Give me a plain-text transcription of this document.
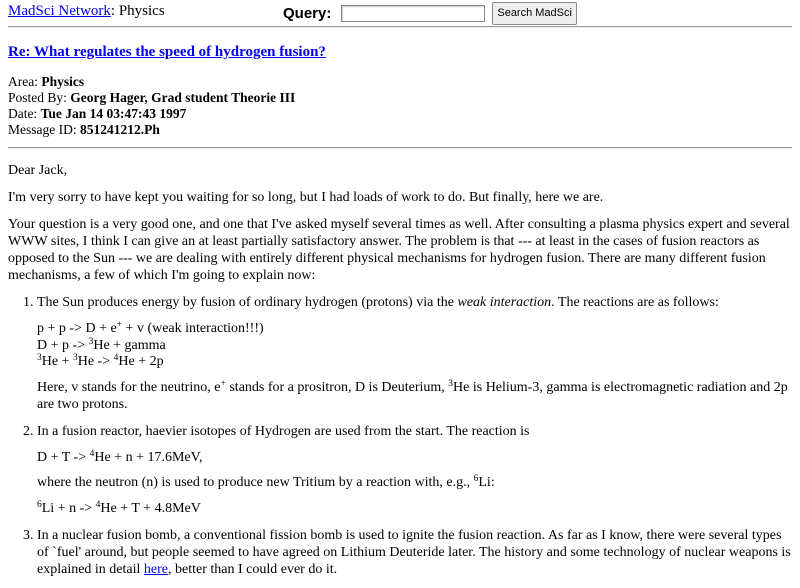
MadSci Network: Physics	Query:	Search MadSci
Re: What regulates the speed of hydrogen fusion?
Area: Physics
Posted By: Georg Hager, Grad student Theorie III
Date: Tue Jan 14 03:47:43 1997
Message ID: 851241212.Ph

Dear Jack,

I'm very sorry to have kept you waiting for so long, but I had loads of work to do. But finally, here we are.

Your question is a very good one, and one that I've asked myself several times as well. After consulting a plasma physics expert and several WWW sites, I think I can give an at least partially satisfactory answer. The problem is that --- at least in the cases of fusion reactors as opposed to the Sun --- we are dealing with entirely different physical mechanisms for hydrogen fusion. There are many different fusion mechanisms, a few of which I'm going to explain now:

1. The Sun produces energy by fusion of ordinary hydrogen (protons) via the weak interaction. The reactions are as follows:
p + p -> D + e+ + v (weak interaction!!!)
D + p -> $^3$He + gamma
$^3$He + $^3$He -> $^4$He + 2p
Here, v stands for the neutrino, e+ stands for a prositron, D is Deuterium, $^3$He is Helium-3, gamma is electromagnetic radiation and 2p are two protons.
2. In a fusion reactor, haevier isotopes of Hydrogen are used from the start. The reaction is
D + T -> $^4$He + n + 17.6MeV,
where the neutron (n) is used to produce new Tritium by a reaction with, e.g., $^6$Li:
$^6$Li + n -> $^4$He + T + 4.8MeV
3. In a nuclear fusion bomb, a conventional fission bomb is used to ignite the fusion reaction. As far as I know, there were several types of `fuel' around, but people seemed to have agreed on Lithium Deuteride later. The history and some technology of nuclear weapons is explained in detail here, better than I could ever do it.
